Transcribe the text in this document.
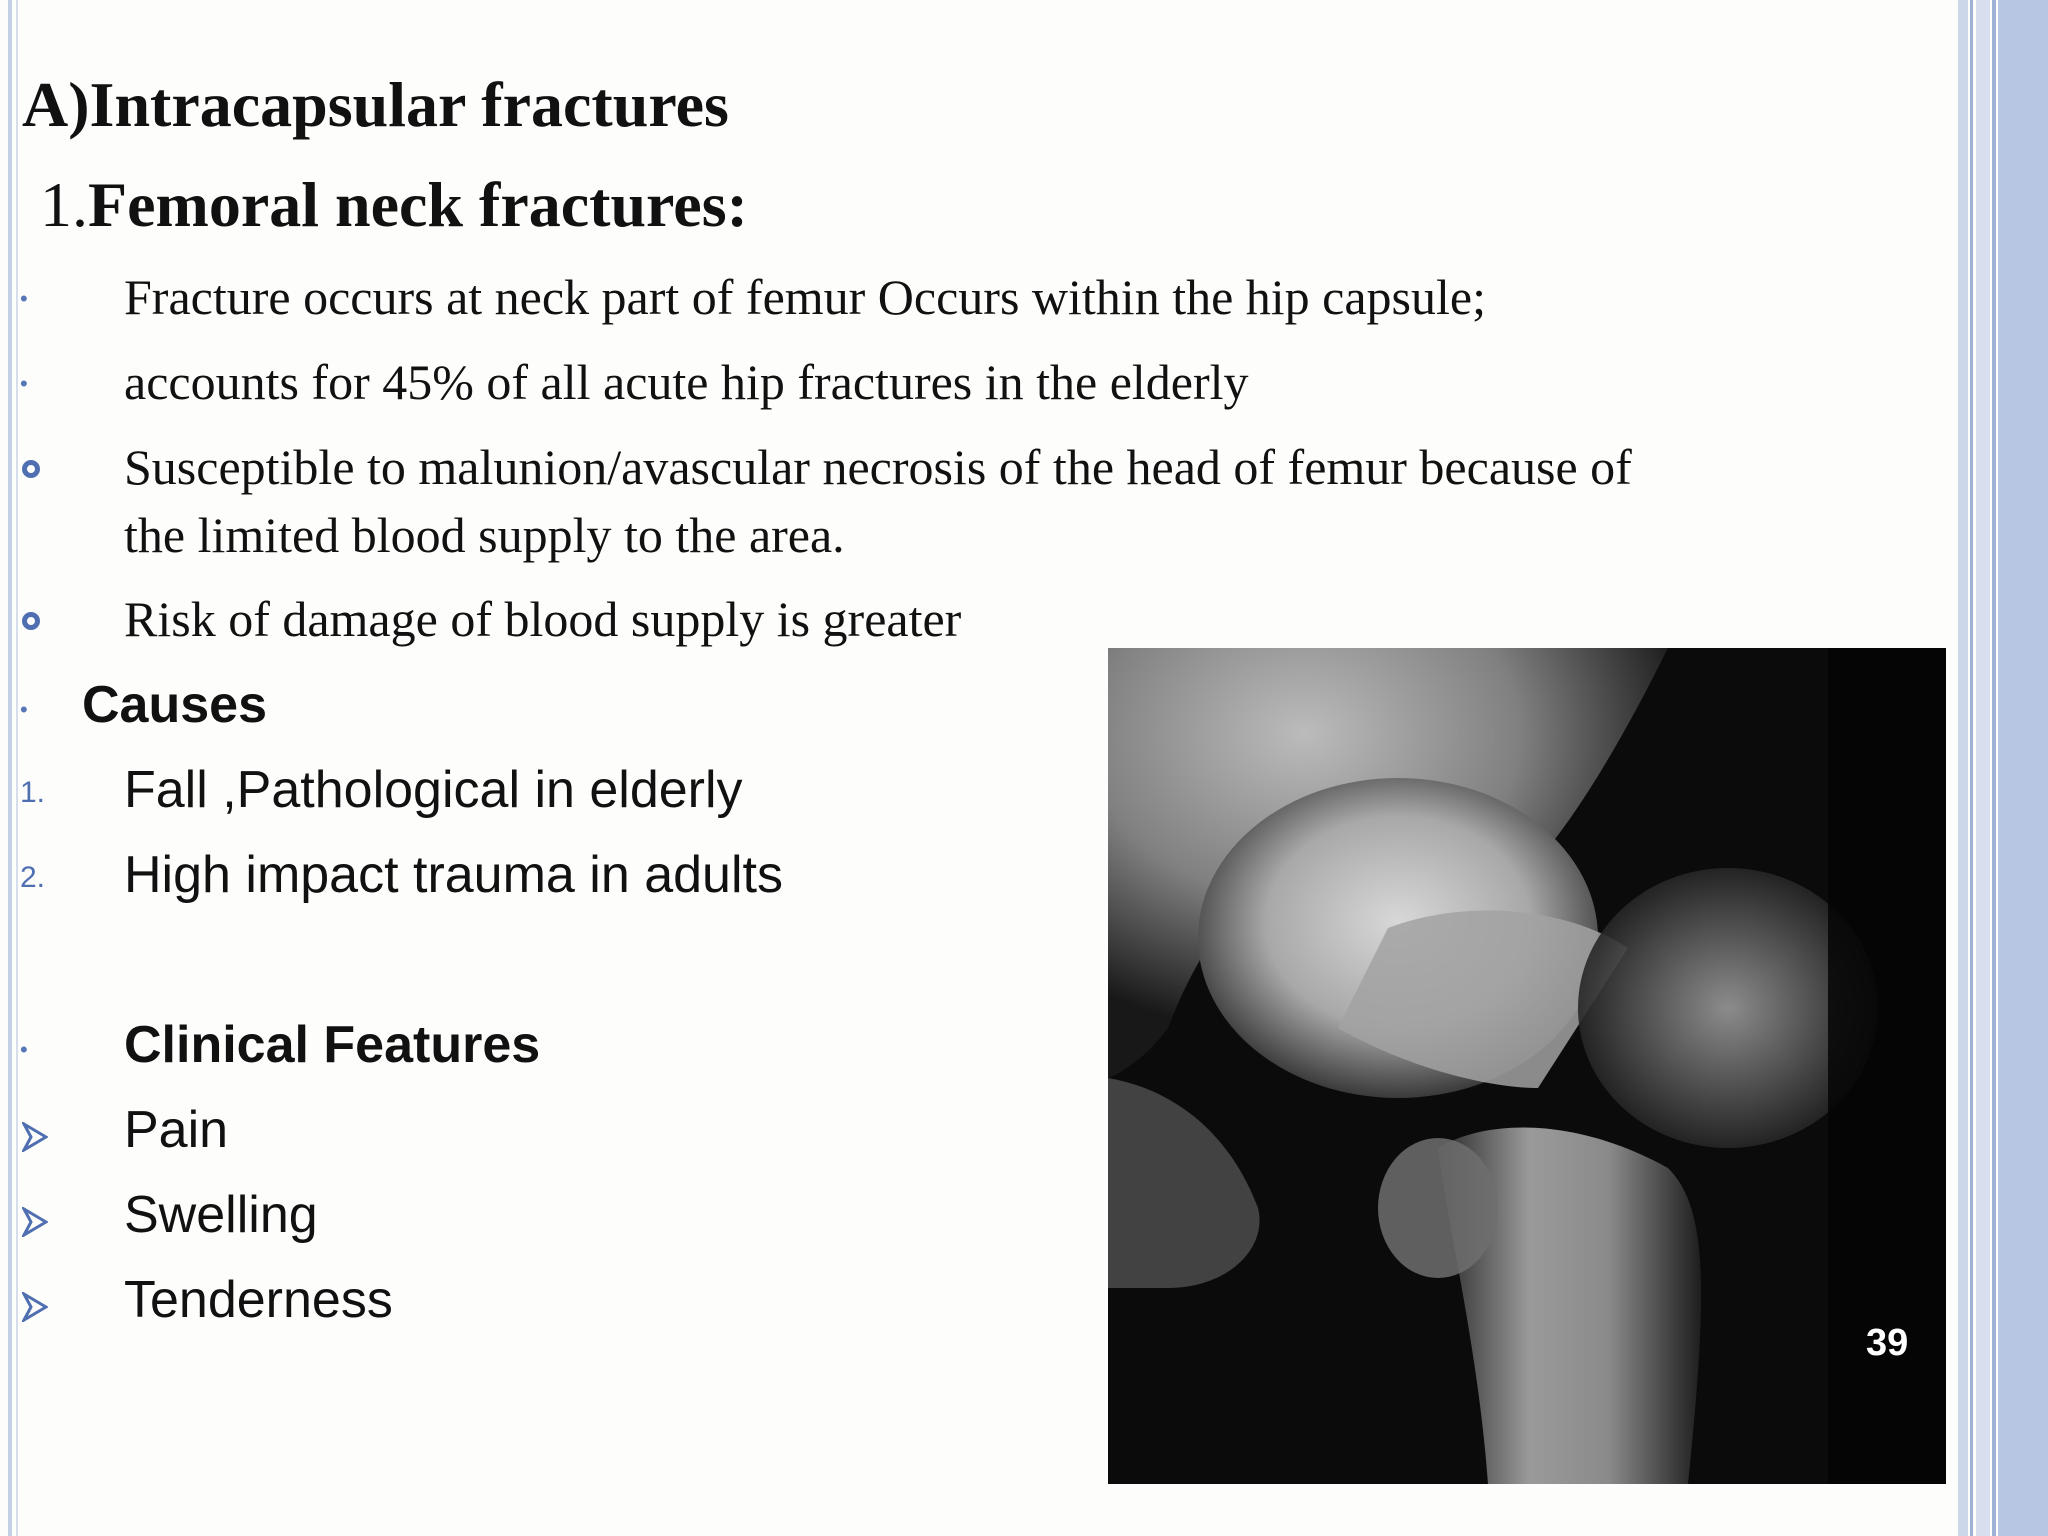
A)Intracapsular fractures
1.Femoral neck fractures:
• Fracture occurs at neck part of femur Occurs within the hip capsule;
• accounts for 45% of all acute hip fractures in the elderly
Susceptible to malunion/avascular necrosis of the head of femur because of
the limited blood supply to the area.
Risk of damage of blood supply is greater
• Causes
1. Fall ,Pathological in elderly
2. High impact trauma in adults
• Clinical Features
Pain
Swelling
Tenderness
39
